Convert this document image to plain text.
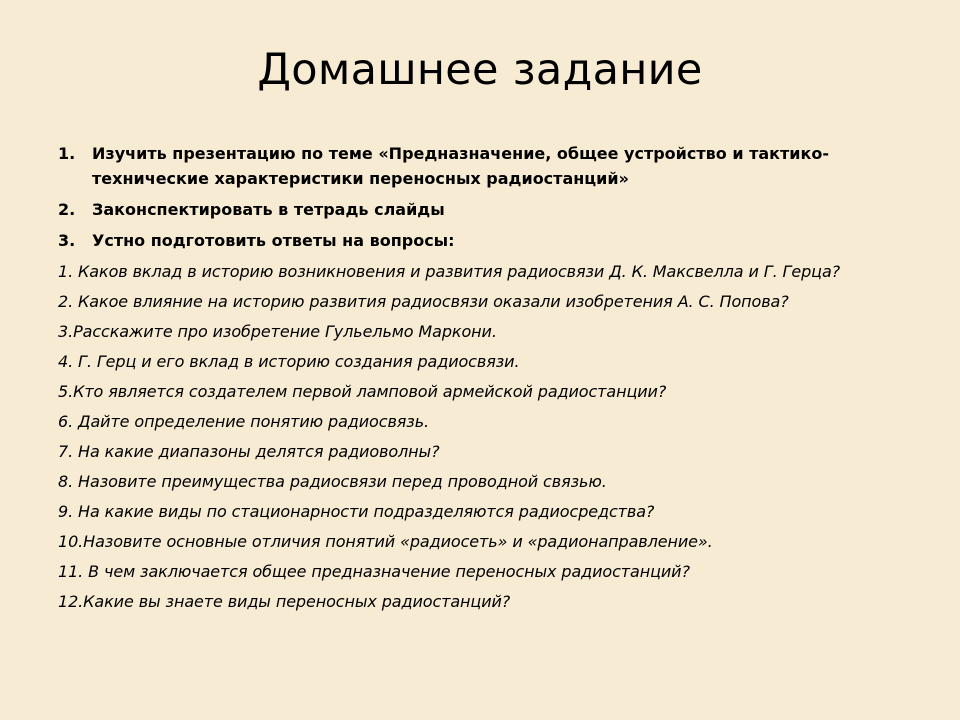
Домашнее задание
1.	Изучить презентацию по теме «Предназначение, общее устройство и тактико-технические характеристики переносных радиостанций»
2.	Законспектировать в тетрадь слайды
3.	Устно подготовить ответы на вопросы:
1. Каков вклад в историю возникновения и развития радиосвязи Д. К. Максвелла и Г. Герца?
2. Какое влияние на историю развития радиосвязи оказали изобретения А. С. Попова?
3.Расскажите про изобретение Гульельмо Маркони.
4. Г. Герц и его вклад в историю создания радиосвязи.
5.Кто является создателем первой ламповой армейской радиостанции?
6. Дайте определение понятию радиосвязь.
7. На какие диапазоны делятся радиоволны?
8. Назовите преимущества радиосвязи перед проводной связью.
9. На какие виды по стационарности подразделяются радиосредства?
10.Назовите основные отличия понятий «радиосеть» и «радионаправление».
11. В чем заключается общее предназначение переносных радиостанций?
12.Какие вы знаете виды переносных радиостанций?
